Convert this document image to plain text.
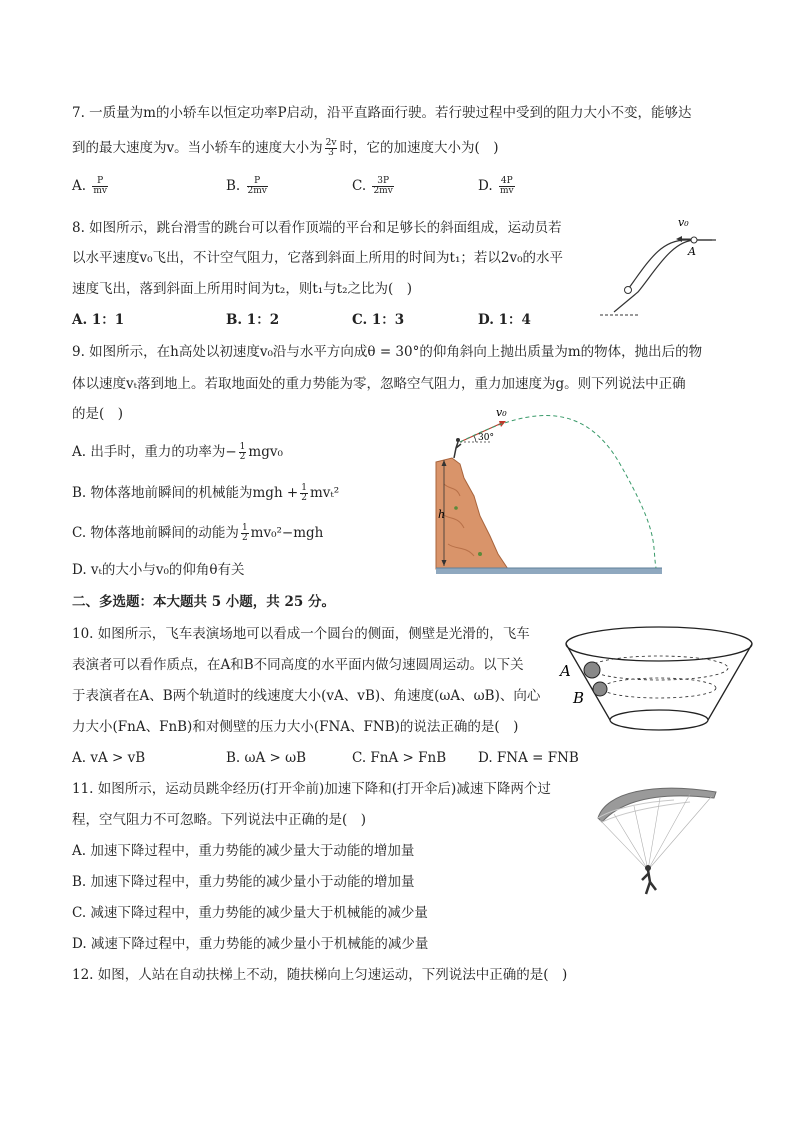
7. 一质量为m的小轿车以恒定功率P启动，沿平直路面行驶。若行驶过程中受到的阻力大小不变，能够达
到的最大速度为v。当小轿车的速度大小为 $\frac{2v}{3}$ 时，它的加速度大小为(　)
A. $\frac{P}{mv}$	B. $\frac{P}{2mv}$	C. $\frac{3P}{2mv}$	D. $\frac{4P}{mv}$
8. 如图所示，跳台滑雪的跳台可以看作顶端的平台和足够长的斜面组成，运动员若
以水平速度v₀飞出，不计空气阻力，它落到斜面上所用的时间为t₁；若以2v₀的水平
速度飞出，落到斜面上所用时间为t₂，则t₁与t₂之比为(　)
A. 1：1	B. 1：2	C. 1：3	D. 1：4
v₀
A
9. 如图所示，在h高处以初速度v₀沿与水平方向成θ = 30°的仰角斜向上抛出质量为m的物体，抛出后的物
体以速度vₜ落到地上。若取地面处的重力势能为零，忽略空气阻力，重力加速度为g。则下列说法中正确
的是(　)
A. 出手时，重力的功率为− $\frac{1}{2} mgv_0$
B. 物体落地前瞬间的机械能为mgh + $\frac{1}{2} mv_t^2$
C. 物体落地前瞬间的动能为 $\frac{1}{2} mv_0^2-mgh$
D. vₜ的大小与v₀的仰角θ有关
h
30°
v₀
二、多选题：本大题共 5 小题，共 25 分。
10. 如图所示，飞车表演场地可以看成一个圆台的侧面，侧壁是光滑的，飞车
表演者可以看作质点，在A和B不同高度的水平面内做匀速圆周运动。以下关
于表演者在A、B两个轨道时的线速度大小(vA、vB)、角速度(ωA、ωB)、向心
力大小(FnA、FnB)和对侧壁的压力大小(FNA、FNB)的说法正确的是(　)
A. vA > vB	B. ωA > ωB	C. FnA > FnB D. FNA = FNB
A
B
11. 如图所示，运动员跳伞经历(打开伞前)加速下降和(打开伞后)减速下降两个过
程，空气阻力不可忽略。下列说法中正确的是(　)
A. 加速下降过程中，重力势能的减少量大于动能的增加量
B. 加速下降过程中，重力势能的减少量小于动能的增加量
C. 减速下降过程中，重力势能的减少量大于机械能的减少量
D. 减速下降过程中，重力势能的减少量小于机械能的减少量
12. 如图，人站在自动扶梯上不动，随扶梯向上匀速运动，下列说法中正确的是(　)
